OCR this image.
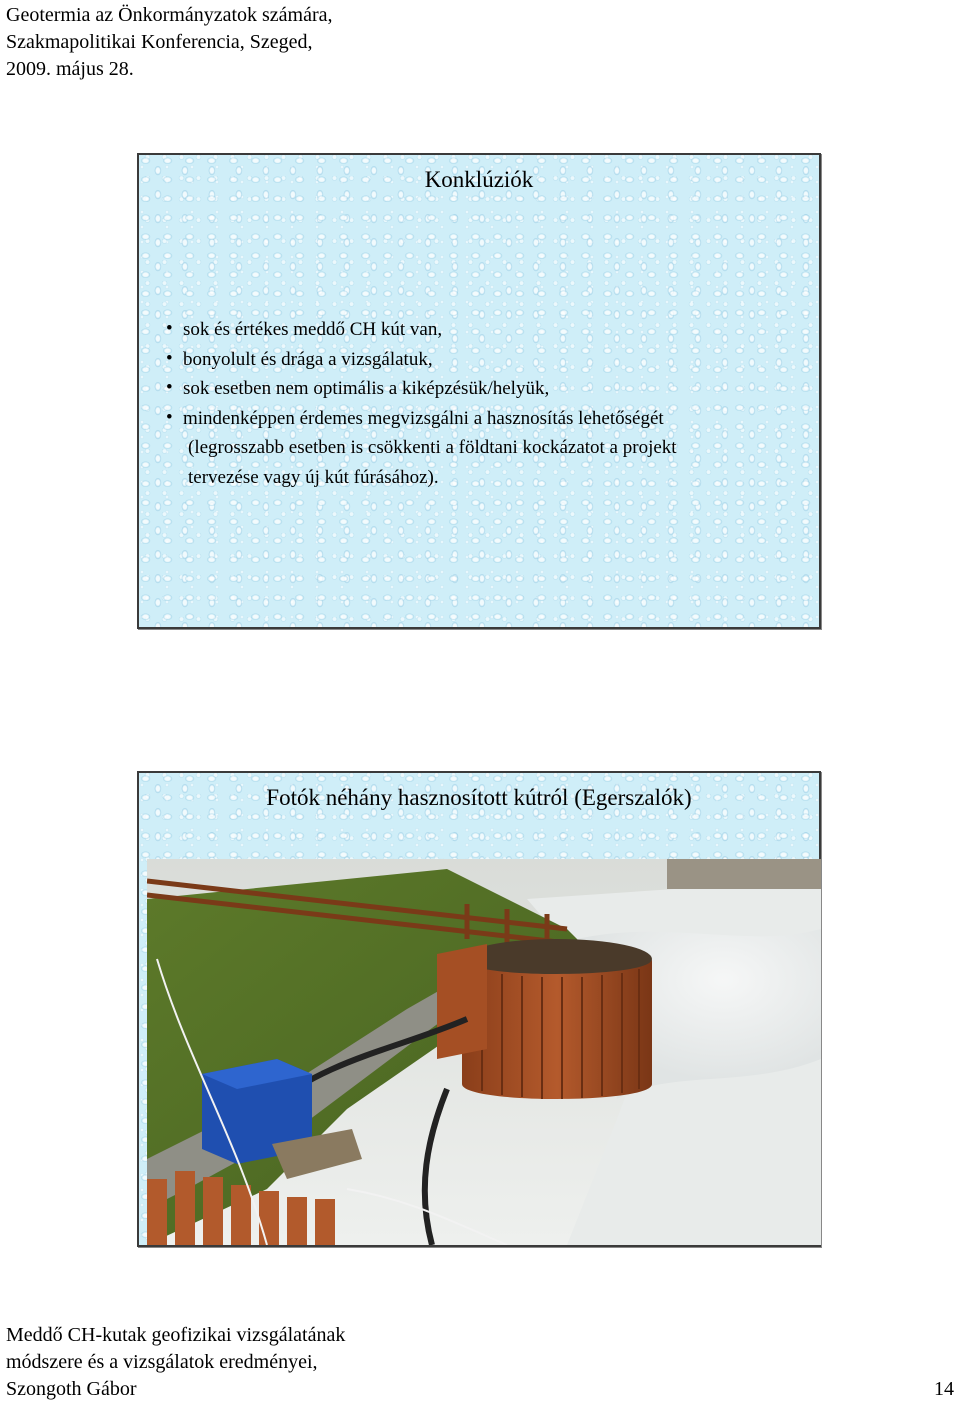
Geotermia az Önkormányzatok számára,
Szakmapolitikai Konferencia, Szeged,
2009. május 28.
Konklúziók
• sok és értékes meddő CH kút van,
• bonyolult és drága a vizsgálatuk,
• sok esetben nem optimális a kiképzésük/helyük,
• mindenképpen érdemes megvizsgálni a hasznosítás lehetőségét
(legrosszabb esetben is csökkenti a földtani kockázatot a projekt
tervezése vagy új kút fúrásához).
Fotók néhány hasznosított kútról (Egerszalók)
Meddő CH-kutak geofizikai vizsgálatának
módszere és a vizsgálatok eredményei,
Szongoth Gábor	14
